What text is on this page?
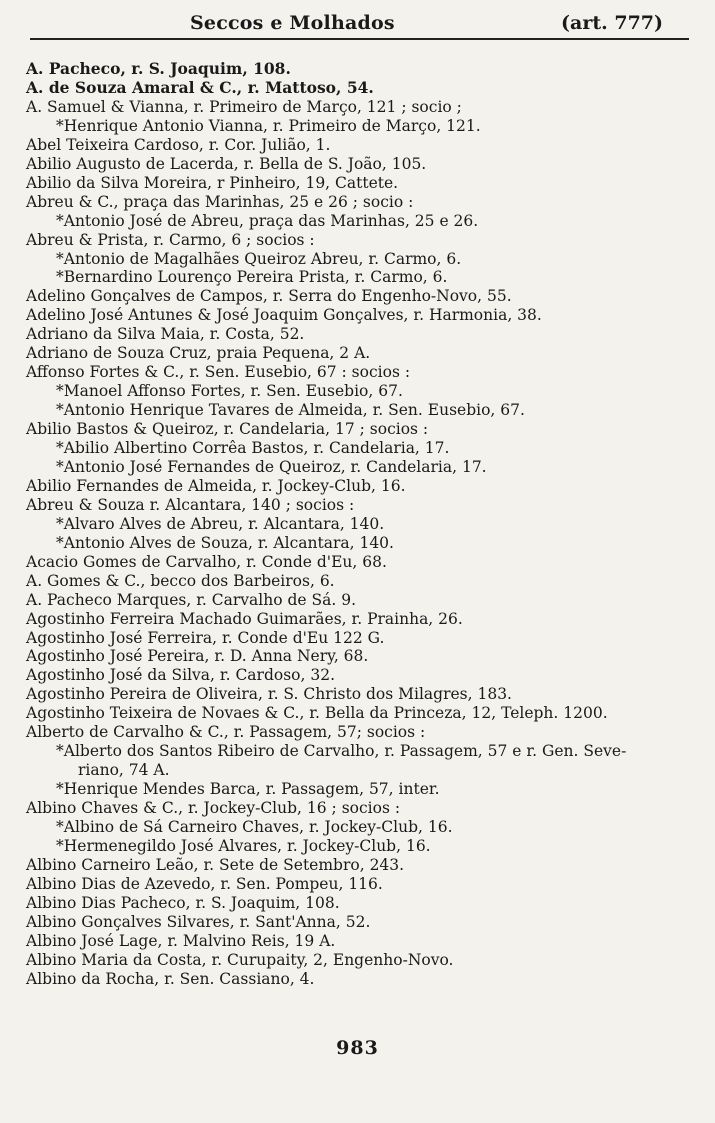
Seccos e Molhados	(art. 777)
A. Pacheco, r. S. Joaquim, 108.
A. de Souza Amaral & C., r. Mattoso, 54.
A. Samuel & Vianna, r. Primeiro de Março, 121 ; socio ;
*Henrique Antonio Vianna, r. Primeiro de Março, 121.
Abel Teixeira Cardoso, r. Cor. Julião, 1.
Abilio Augusto de Lacerda, r. Bella de S. João, 105.
Abilio da Silva Moreira, r Pinheiro, 19, Cattete.
Abreu & C., praça das Marinhas, 25 e 26 ; socio :
*Antonio José de Abreu, praça das Marinhas, 25 e 26.
Abreu & Prista, r. Carmo, 6 ; socios :
*Antonio de Magalhães Queiroz Abreu, r. Carmo, 6.
*Bernardino Lourenço Pereira Prista, r. Carmo, 6.
Adelino Gonçalves de Campos, r. Serra do Engenho-Novo, 55.
Adelino José Antunes & José Joaquim Gonçalves, r. Harmonia, 38.
Adriano da Silva Maia, r. Costa, 52.
Adriano de Souza Cruz, praia Pequena, 2 A.
Affonso Fortes & C., r. Sen. Eusebio, 67 : socios :
*Manoel Affonso Fortes, r. Sen. Eusebio, 67.
*Antonio Henrique Tavares de Almeida, r. Sen. Eusebio, 67.
Abilio Bastos & Queiroz, r. Candelaria, 17 ; socios :
*Abilio Albertino Corrêa Bastos, r. Candelaria, 17.
*Antonio José Fernandes de Queiroz, r. Candelaria, 17.
Abilio Fernandes de Almeida, r. Jockey-Club, 16.
Abreu & Souza r. Alcantara, 140 ; socios :
*Alvaro Alves de Abreu, r. Alcantara, 140.
*Antonio Alves de Souza, r. Alcantara, 140.
Acacio Gomes de Carvalho, r. Conde d'Eu, 68.
A. Gomes & C., becco dos Barbeiros, 6.
A. Pacheco Marques, r. Carvalho de Sá. 9.
Agostinho Ferreira Machado Guimarães, r. Prainha, 26.
Agostinho José Ferreira, r. Conde d'Eu 122 G.
Agostinho José Pereira, r. D. Anna Nery, 68.
Agostinho José da Silva, r. Cardoso, 32.
Agostinho Pereira de Oliveira, r. S. Christo dos Milagres, 183.
Agostinho Teixeira de Novaes & C., r. Bella da Princeza, 12, Teleph. 1200.
Alberto de Carvalho & C., r. Passagem, 57; socios :
*Alberto dos Santos Ribeiro de Carvalho, r. Passagem, 57 e r. Gen. Seve-
riano, 74 A.
*Henrique Mendes Barca, r. Passagem, 57, inter.
Albino Chaves & C., r. Jockey-Club, 16 ; socios :
*Albino de Sá Carneiro Chaves, r. Jockey-Club, 16.
*Hermenegildo José Alvares, r. Jockey-Club, 16.
Albino Carneiro Leão, r. Sete de Setembro, 243.
Albino Dias de Azevedo, r. Sen. Pompeu, 116.
Albino Dias Pacheco, r. S. Joaquim, 108.
Albino Gonçalves Silvares, r. Sant'Anna, 52.
Albino José Lage, r. Malvino Reis, 19 A.
Albino Maria da Costa, r. Curupaity, 2, Engenho-Novo.
Albino da Rocha, r. Sen. Cassiano, 4.
983
